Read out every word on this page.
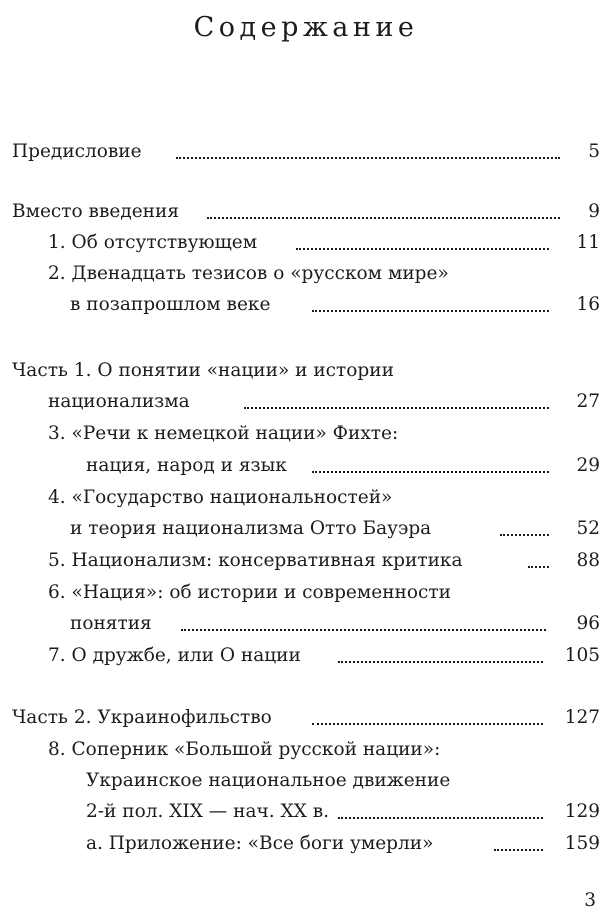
Содержание
Предисловие	5
Вместо введения	9
1. Об отсутствующем	11
2. Двенадцать тезисов о «русском мире»
в позапрошлом веке	16
Часть 1. О понятии «нации» и истории
национализма	27
3. «Речи к немецкой нации» Фихте:
нация, народ и язык	29
4. «Государство национальностей»
и теория национализма Отто Бауэра	52
5. Национализм: консервативная критика	88
6. «Нация»: об истории и современности
понятия	96
7. О дружбе, или О нации	105
Часть 2. Украинофильство	127
8. Соперник «Большой русской нации»:
Украинское национальное движение
2-й пол. XIX — нач. XX в.	129
а. Приложение: «Все боги умерли»	159
3
